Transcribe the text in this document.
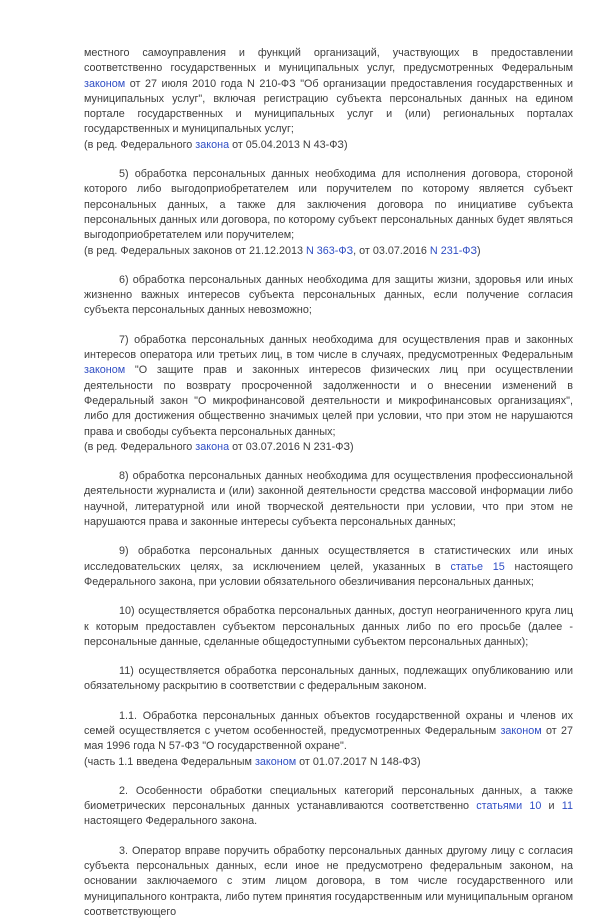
местного самоуправления и функций организаций, участвующих в предоставлении соответственно государственных и муниципальных услуг, предусмотренных Федеральным законом от 27 июля 2010 года N 210-ФЗ "Об организации предоставления государственных и муниципальных услуг", включая регистрацию субъекта персональных данных на едином портале государственных и муниципальных услуг и (или) региональных порталах государственных и муниципальных услуг;

(в ред. Федерального закона от 05.04.2013 N 43-ФЗ)

5) обработка персональных данных необходима для исполнения договора, стороной которого либо выгодоприобретателем или поручителем по которому является субъект персональных данных, а также для заключения договора по инициативе субъекта персональных данных или договора, по которому субъект персональных данных будет являться выгодоприобретателем или поручителем;

(в ред. Федеральных законов от 21.12.2013 N 363-ФЗ, от 03.07.2016 N 231-ФЗ)

6) обработка персональных данных необходима для защиты жизни, здоровья или иных жизненно важных интересов субъекта персональных данных, если получение согласия субъекта персональных данных невозможно;

7) обработка персональных данных необходима для осуществления прав и законных интересов оператора или третьих лиц, в том числе в случаях, предусмотренных Федеральным законом "О защите прав и законных интересов физических лиц при осуществлении деятельности по возврату просроченной задолженности и о внесении изменений в Федеральный закон "О микрофинансовой деятельности и микрофинансовых организациях", либо для достижения общественно значимых целей при условии, что при этом не нарушаются права и свободы субъекта персональных данных;

(в ред. Федерального закона от 03.07.2016 N 231-ФЗ)

8) обработка персональных данных необходима для осуществления профессиональной деятельности журналиста и (или) законной деятельности средства массовой информации либо научной, литературной или иной творческой деятельности при условии, что при этом не нарушаются права и законные интересы субъекта персональных данных;

9) обработка персональных данных осуществляется в статистических или иных исследовательских целях, за исключением целей, указанных в статье 15 настоящего Федерального закона, при условии обязательного обезличивания персональных данных;

10) осуществляется обработка персональных данных, доступ неограниченного круга лиц к которым предоставлен субъектом персональных данных либо по его просьбе (далее - персональные данные, сделанные общедоступными субъектом персональных данных);

11) осуществляется обработка персональных данных, подлежащих опубликованию или обязательному раскрытию в соответствии с федеральным законом.

1.1. Обработка персональных данных объектов государственной охраны и членов их семей осуществляется с учетом особенностей, предусмотренных Федеральным законом от 27 мая 1996 года N 57-ФЗ "О государственной охране".

(часть 1.1 введена Федеральным законом от 01.07.2017 N 148-ФЗ)

2. Особенности обработки специальных категорий персональных данных, а также биометрических персональных данных устанавливаются соответственно статьями 10 и 11 настоящего Федерального закона.

3. Оператор вправе поручить обработку персональных данных другому лицу с согласия субъекта персональных данных, если иное не предусмотрено федеральным законом, на основании заключаемого с этим лицом договора, в том числе государственного или муниципального контракта, либо путем принятия государственным или муниципальным органом соответствующего
